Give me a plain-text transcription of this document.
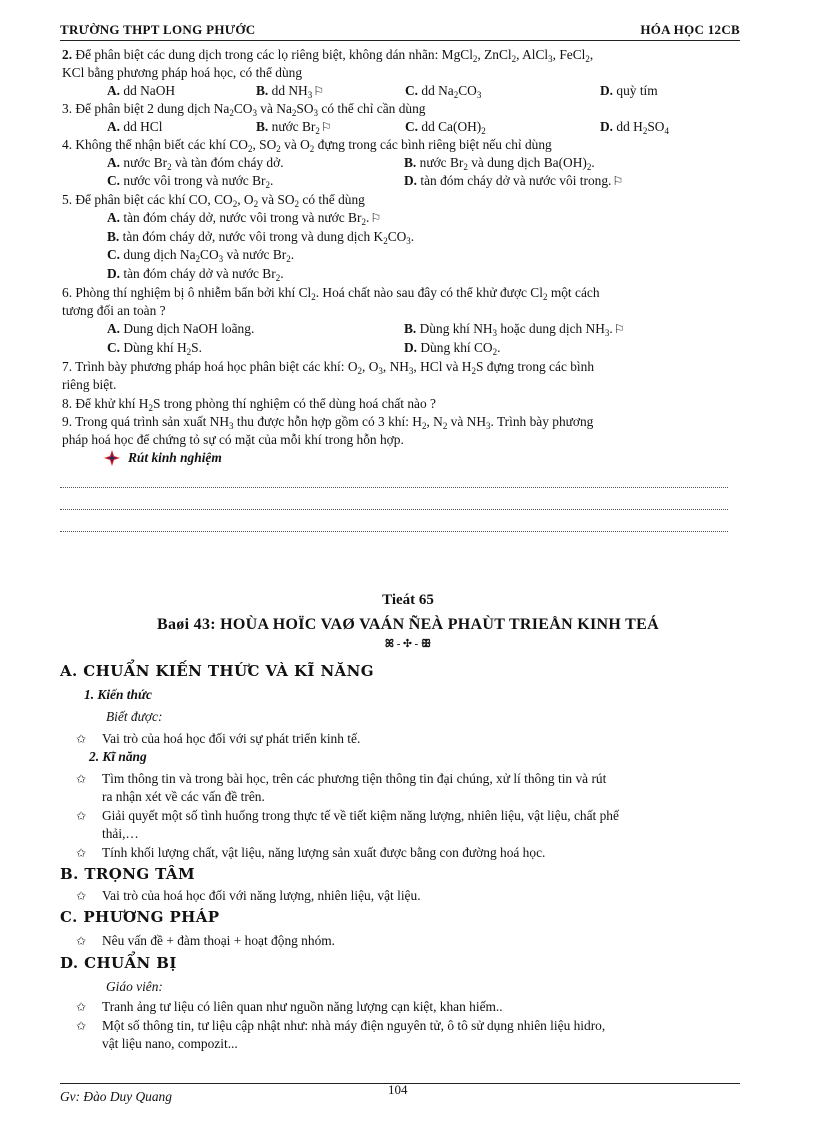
TRƯỜNG THPT LONG PHƯỚC	HÓA HỌC 12CB
2. Để phân biệt các dung dịch trong các lọ riêng biệt, không dán nhãn: MgCl$_2$, ZnCl$_2$, AlCl$_3$, FeCl$_2$,
KCl bằng phương pháp hoá học, có thể dùng
A. dd NaOH	B. dd $NH_3⚐$	C. dd $Na_2CO_3$	D. quỳ tím
3. Để phân biệt 2 dung dịch $Na_2CO_3$ và $Na_2SO_3$ có thể chỉ cần dùng
A. dd HCl	B. nước $Br_2⚐$	C. dd $Ca(OH)_2$	D. dd $H_2SO_4$
4. Không thể nhận biết các khí $CO_2$, $SO_2$ và $O_2$ đựng trong các bình riêng biệt nếu chỉ dùng
A. nước $Br_2$ và tàn đóm cháy dở.	B. nước $Br_2$ và dung dịch $Ba(OH)_2$.
C. nước vôi trong và nước $Br_2$.	D. tàn đóm cháy dở và nước vôi trong.⚐
5. Để phân biệt các khí CO, $CO_2$, $O_2$ và $SO_2$ có thể dùng
A. tàn đóm cháy dở, nước vôi trong và nước $Br_2.⚐$
B. tàn đóm cháy dở, nước vôi trong và dung dịch $K_2CO_3$.
C. dung dịch $Na_2CO_3$ và nước $Br_2$.
D. tàn đóm cháy dở và nước $Br_2$.
6. Phòng thí nghiệm bị ô nhiễm bẩn bởi khí $Cl_2$. Hoá chất nào sau đây có thể khử được $Cl_2$ một cách
tương đối an toàn ?
A. Dung dịch NaOH loãng.	B. Dùng khí $NH_3$ hoặc dung dịch $NH_3.⚐$
C. Dùng khí $H_2S$.	D. Dùng khí $CO_2$.
7. Trình bày phương pháp hoá học phân biệt các khí: $O_2$, $O_3$, $NH_3$, HCl và $H_2S$ đựng trong các bình
riêng biệt.
8. Để khử khí $H_2S$ trong phòng thí nghiệm có thể dùng hoá chất nào ?
9. Trong quá trình sản xuất $NH_3$ thu được hỗn hợp gồm có 3 khí: $H_2$, $N_2$ và $NH_3$. Trình bày phương
pháp hoá học để chứng tỏ sự có mặt của mỗi khí trong hỗn hợp.
Rút kinh nghiệm
Tieát 65
Baøi 43: HOÙA HOÏC VAØ VAÁN ÑEÀ PHAÙT TRIEÅN KINH TEÁ
ꕤ - ✣ - ꕥ
A. CHUẨN KIẾN THỨC VÀ KĨ NĂNG
1. Kiến thức
Biết được:
✩	Vai trò của hoá học đối với sự phát triển kinh tế.
2. Kĩ năng
✩	Tìm thông tin và trong bài học, trên các phương tiện thông tin đại chúng, xử lí thông tin và rút
ra nhận xét về các vấn đề trên.
✩	Giải quyết một số tình huống trong thực tế về tiết kiệm năng lượng, nhiên liệu, vật liệu, chất phế
thải,…
✩	Tính khối lượng chất, vật liệu, năng lượng sản xuất được bằng con đường hoá học.
B. TRỌNG TÂM
✩	Vai trò của hoá học đối với năng lượng, nhiên liệu, vật liệu.
C. PHƯƠNG PHÁP
✩	Nêu vấn đề + đàm thoại + hoạt động nhóm.
D. CHUẨN BỊ
Giáo viên:
✩	Tranh ảng tư liệu có liên quan như nguồn năng lượng cạn kiệt, khan hiếm..
✩	Một số thông tin, tư liệu cập nhật như: nhà máy điện nguyên tử, ô tô sử dụng nhiên liệu hidro,
vật liệu nano, compozit...
Gv: Đào Duy Quang	104
